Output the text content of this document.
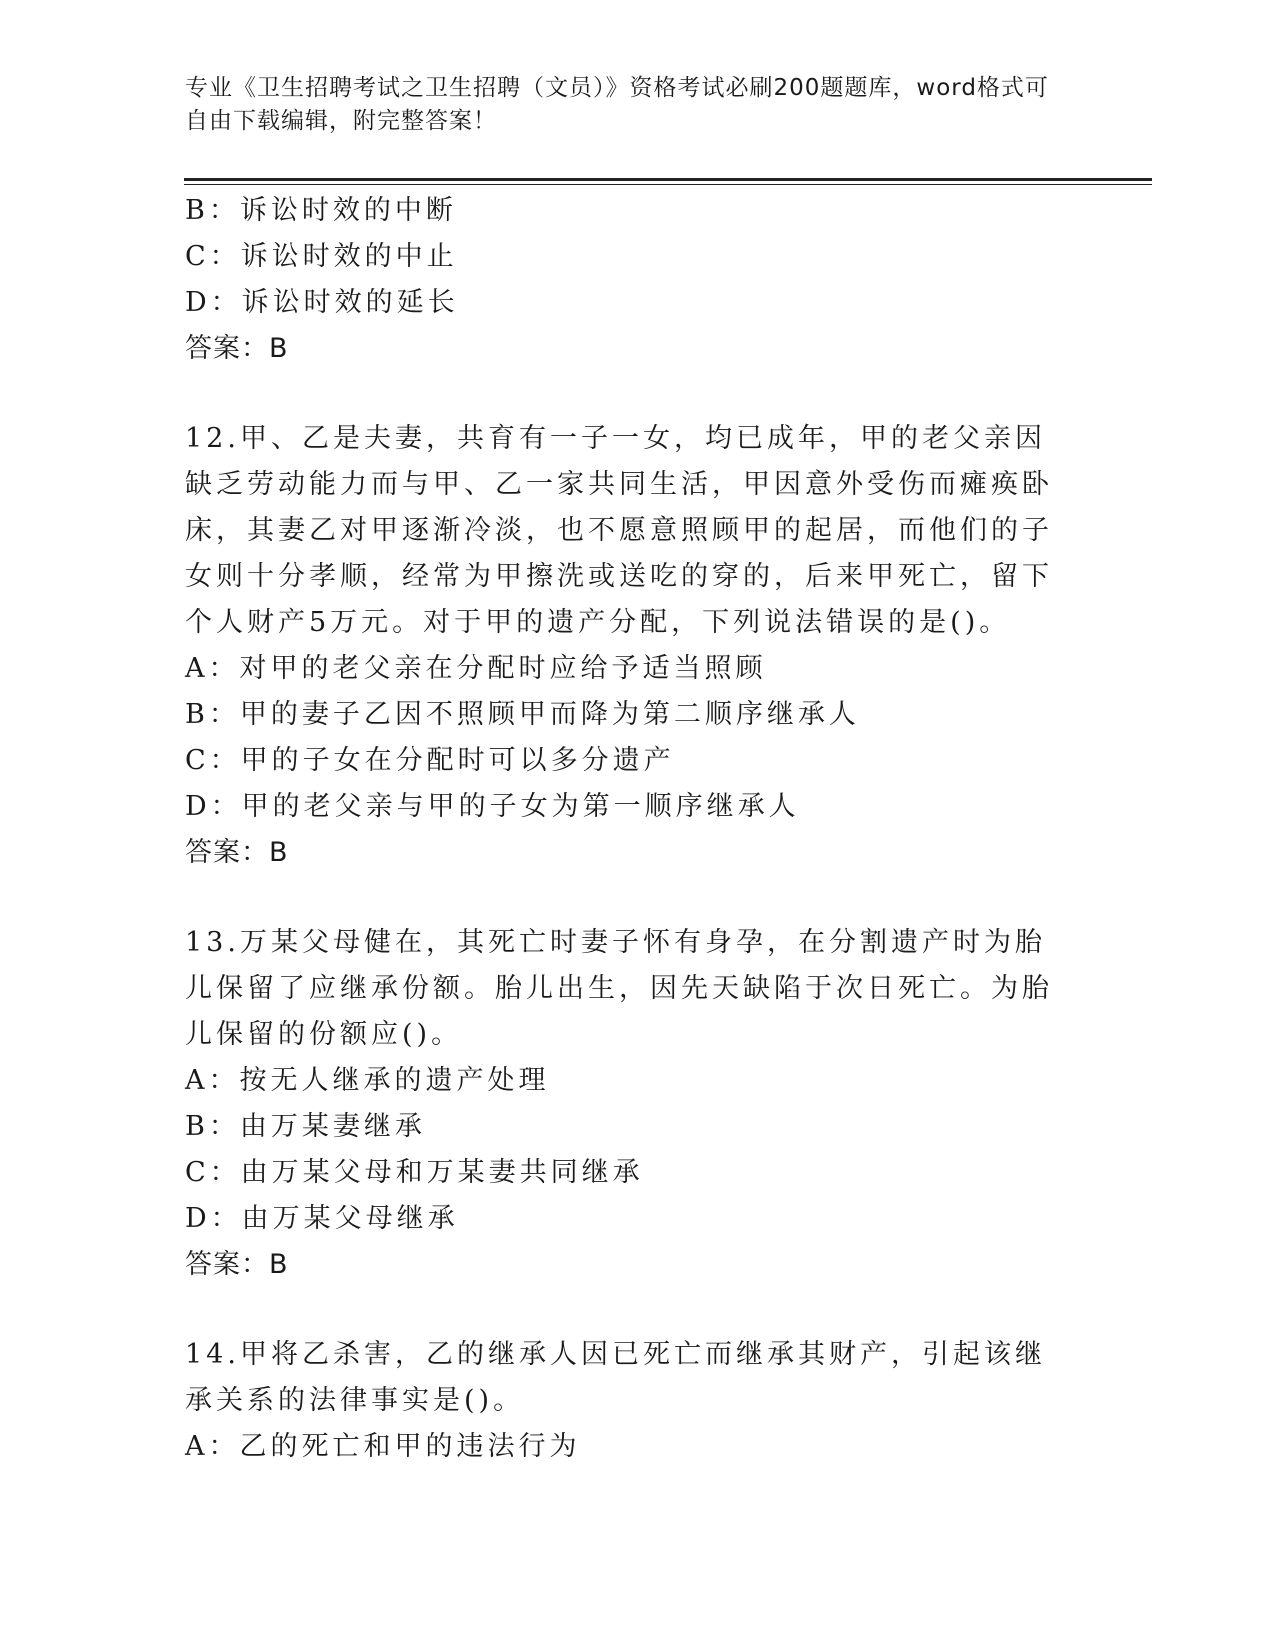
专业《卫生招聘考试之卫生招聘（文员）》资格考试必刷200题题库，word格式可自由下载编辑，附完整答案！
B：诉讼时效的中断
C：诉讼时效的中止
D：诉讼时效的延长
答案：B
12.甲、乙是夫妻，共育有一子一女，均已成年，甲的老父亲因缺乏劳动能力而与甲、乙一家共同生活，甲因意外受伤而瘫痪卧床，其妻乙对甲逐渐冷淡，也不愿意照顾甲的起居，而他们的子女则十分孝顺，经常为甲擦洗或送吃的穿的，后来甲死亡，留下个人财产5万元。对于甲的遗产分配，下列说法错误的是()。
A：对甲的老父亲在分配时应给予适当照顾
B：甲的妻子乙因不照顾甲而降为第二顺序继承人
C：甲的子女在分配时可以多分遗产
D：甲的老父亲与甲的子女为第一顺序继承人
答案：B
13.万某父母健在，其死亡时妻子怀有身孕，在分割遗产时为胎儿保留了应继承份额。胎儿出生，因先天缺陷于次日死亡。为胎儿保留的份额应()。
A：按无人继承的遗产处理
B：由万某妻继承
C：由万某父母和万某妻共同继承
D：由万某父母继承
答案：B
14.甲将乙杀害，乙的继承人因已死亡而继承其财产，引起该继承关系的法律事实是()。
A：乙的死亡和甲的违法行为
